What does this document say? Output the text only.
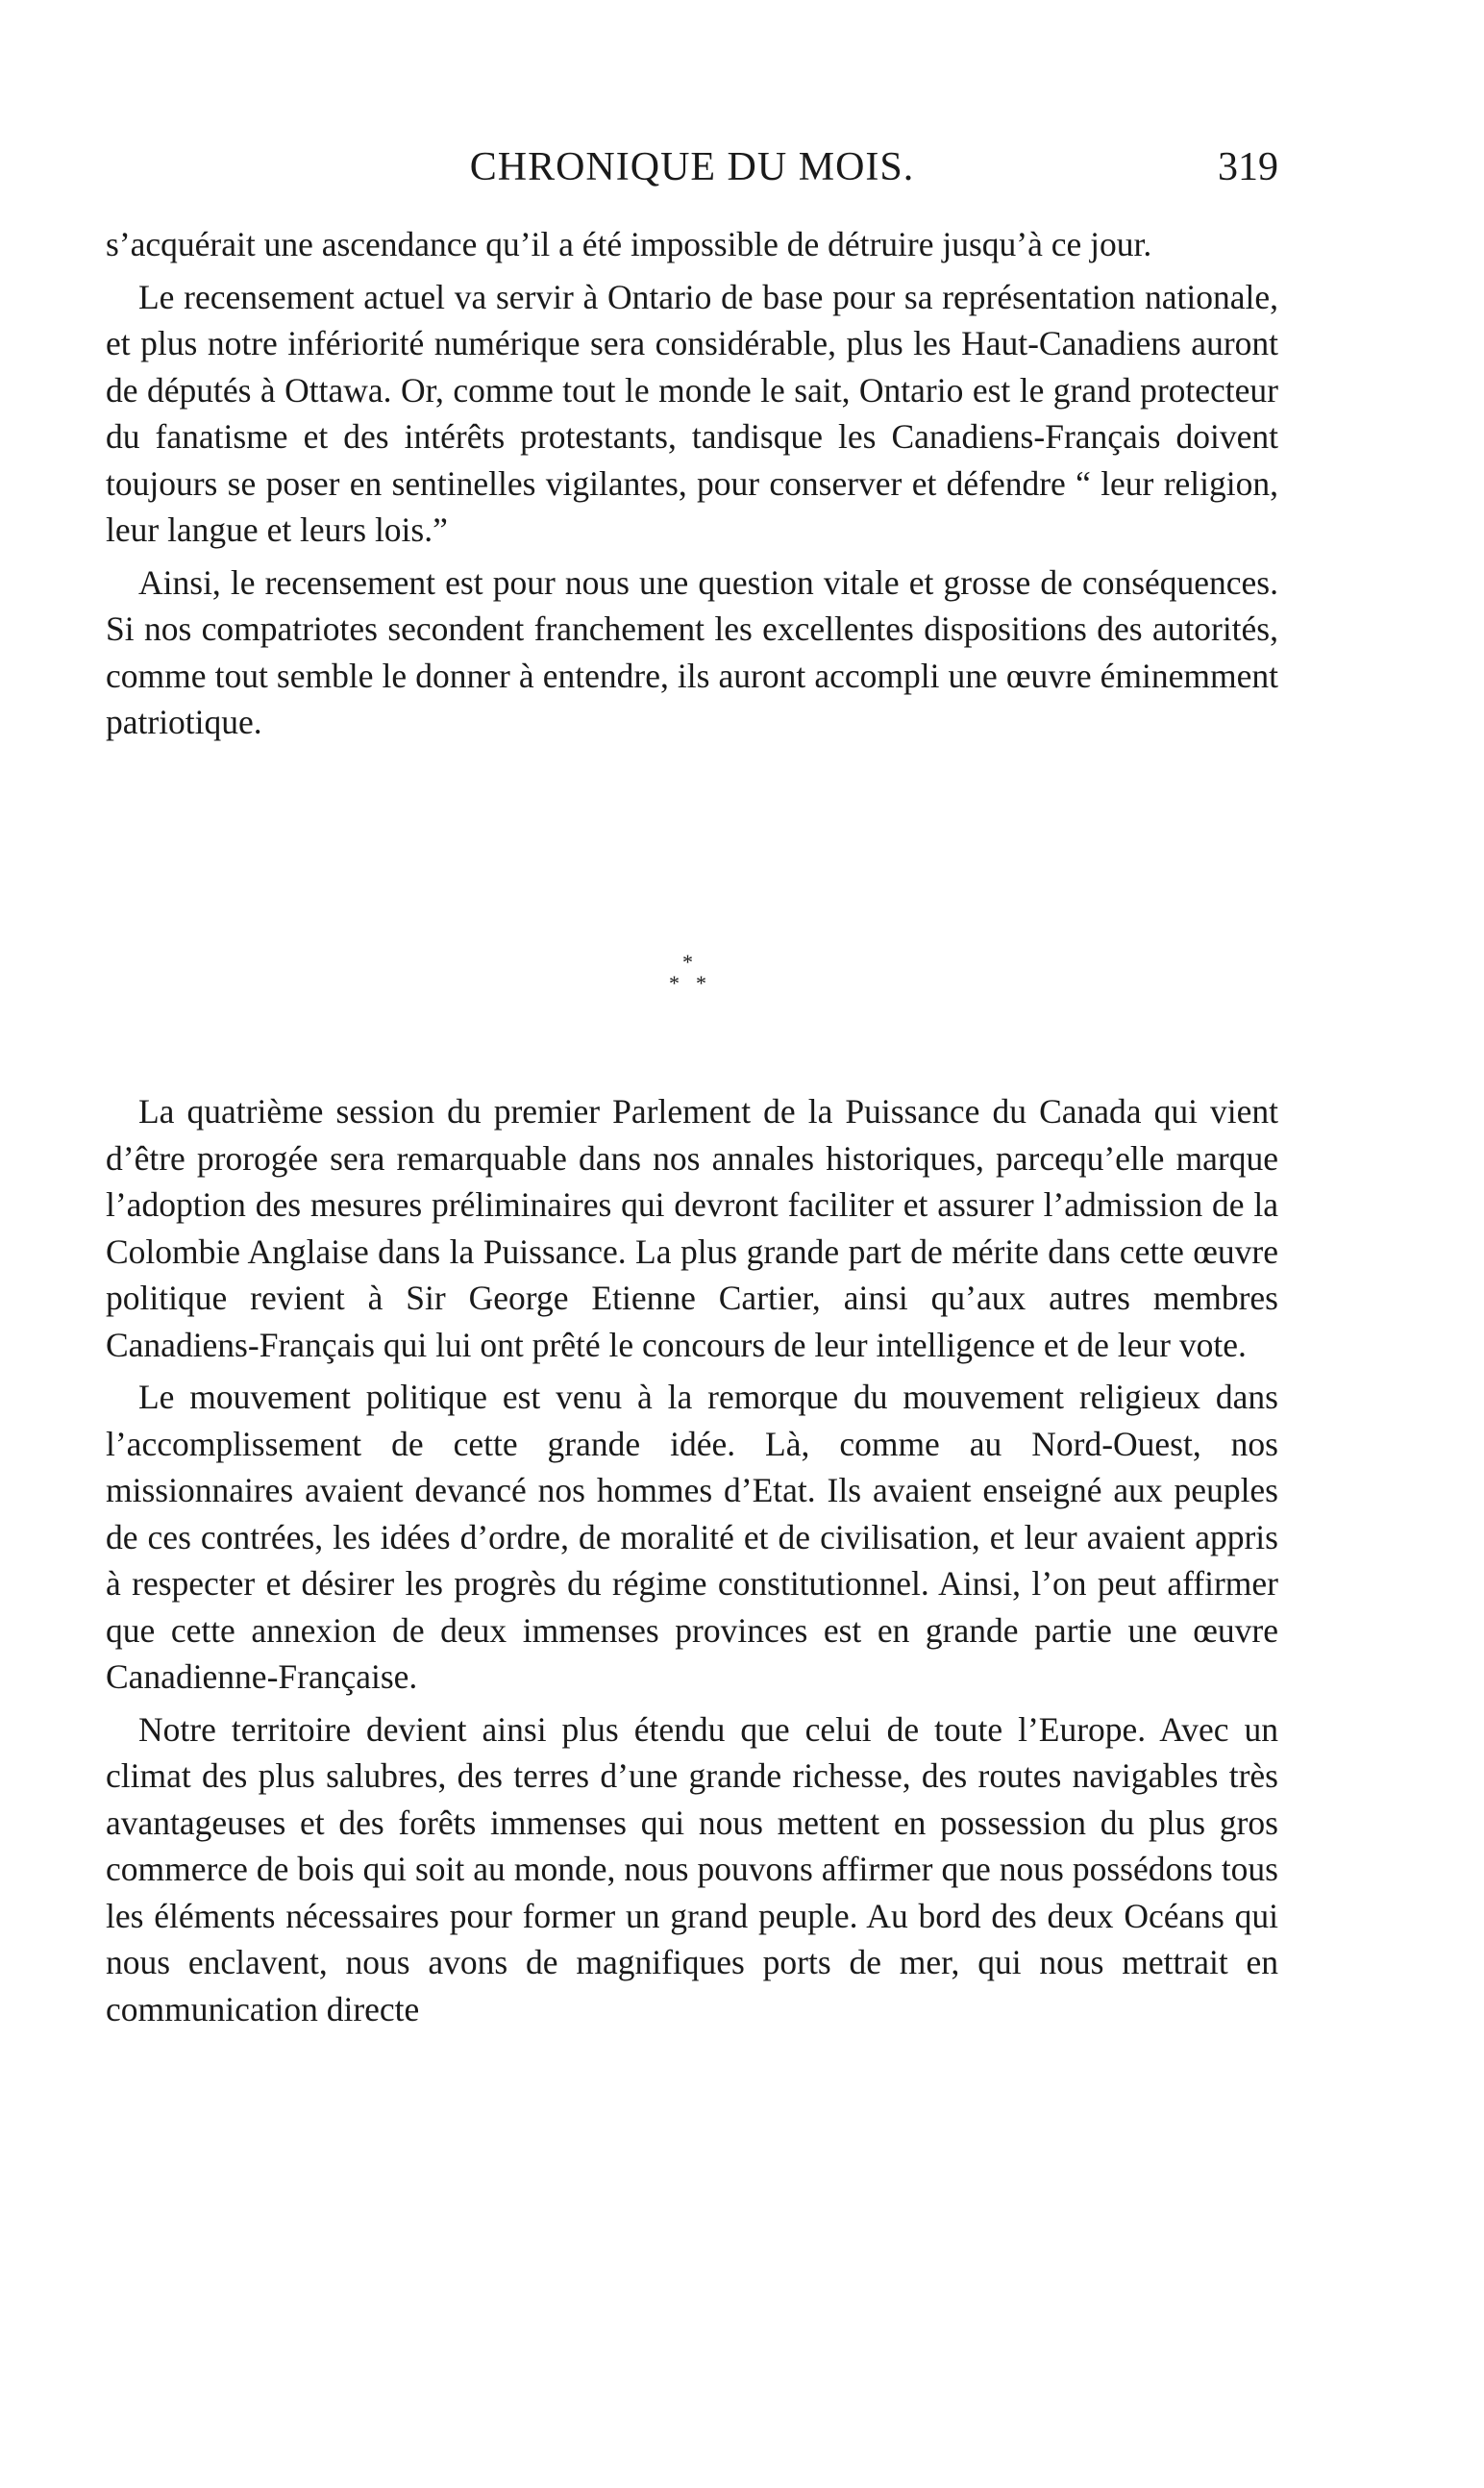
CHRONIQUE DU MOIS.	319

s’acquérait une ascendance qu’il a été impossible de détruire jusqu’à ce jour.

Le recensement actuel va servir à Ontario de base pour sa représentation nationale, et plus notre infériorité numérique sera considérable, plus les Haut-Canadiens auront de députés à Ottawa. Or, comme tout le monde le sait, Ontario est le grand protecteur du fanatisme et des intérêts protestants, tandisque les Canadiens-Français doivent toujours se poser en sentinelles vigilantes, pour conserver et défendre “ leur religion, leur langue et leurs lois.”

Ainsi, le recensement est pour nous une question vitale et grosse de conséquences. Si nos compatriotes secondent franchement les excellentes dispositions des autorités, comme tout semble le donner à entendre, ils auront accompli une œuvre éminemment patriotique.

*
* *

La quatrième session du premier Parlement de la Puissance du Canada qui vient d’être prorogée sera remarquable dans nos annales historiques, parcequ’elle marque l’adoption des mesures préliminaires qui devront faciliter et assurer l’admission de la Colombie Anglaise dans la Puissance. La plus grande part de mérite dans cette œuvre politique revient à Sir George Etienne Cartier, ainsi qu’aux autres membres Canadiens-Français qui lui ont prêté le concours de leur intelligence et de leur vote.

Le mouvement politique est venu à la remorque du mouvement religieux dans l’accomplissement de cette grande idée. Là, comme au Nord-Ouest, nos missionnaires avaient devancé nos hommes d’Etat. Ils avaient enseigné aux peuples de ces contrées, les idées d’ordre, de moralité et de civilisation, et leur avaient appris à respecter et désirer les progrès du régime constitutionnel. Ainsi, l’on peut affirmer que cette annexion de deux immenses provinces est en grande partie une œuvre Canadienne-Française.

Notre territoire devient ainsi plus étendu que celui de toute l’Europe. Avec un climat des plus salubres, des terres d’une grande richesse, des routes navigables très avantageuses et des forêts immenses qui nous mettent en possession du plus gros commerce de bois qui soit au monde, nous pouvons affirmer que nous possédons tous les éléments nécessaires pour former un grand peuple. Au bord des deux Océans qui nous enclavent, nous avons de magnifiques ports de mer, qui nous mettrait en communication directe
